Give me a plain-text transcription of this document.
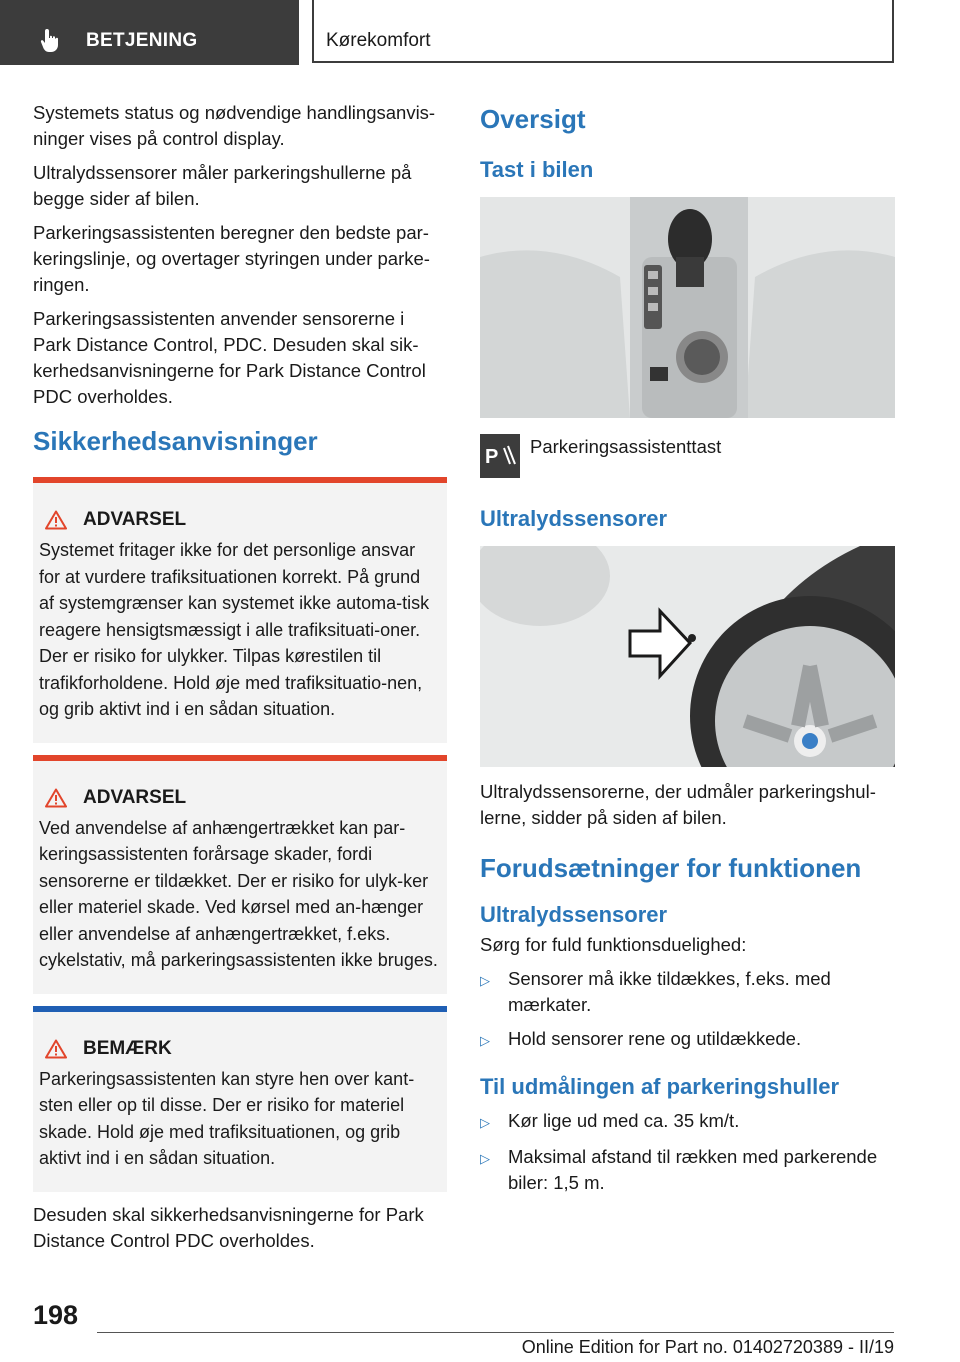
BETJENING	Kørekomfort

Systemets status og nødvendige handlingsanvis-ninger vises på control display.

Ultralydssensorer måler parkeringshullerne på begge sider af bilen.

Parkeringsassistenten beregner den bedste par-keringslinje, og overtager styringen under parke-ringen.

Parkeringsassistenten anvender sensorerne i Park Distance Control, PDC. Desuden skal sik-kerhedsanvisningerne for Park Distance Control PDC overholdes.

Sikkerhedsanvisninger
ADVARSEL
Systemet fritager ikke for det personlige ansvar for at vurdere trafiksituationen korrekt. På grund af systemgrænser kan systemet ikke automa-tisk reagere hensigtsmæssigt i alle trafiksituati-oner. Der er risiko for ulykker. Tilpas kørestilen til trafikforholdene. Hold øje med trafiksituatio-nen, og grib aktivt ind i en sådan situation.
ADVARSEL
Ved anvendelse af anhængertrækket kan par-keringsassistenten forårsage skader, fordi sensorerne er tildækket. Der er risiko for ulyk-ker eller materiel skade. Ved kørsel med an-hænger eller anvendelse af anhængertrækket, f.eks. cykelstativ, må parkeringsassistenten ikke bruges.
BEMÆRK
Parkeringsassistenten kan styre hen over kant-sten eller op til disse. Der er risiko for materiel skade. Hold øje med trafiksituationen, og grib aktivt ind i en sådan situation.

Desuden skal sikkerhedsanvisningerne for Park Distance Control PDC overholdes.

Oversigt
Tast i bilen
P Parkeringsassistenttast
Ultralydssensorer

Ultralydssensorerne, der udmåler parkeringshul-lerne, sidder på siden af bilen.

Forudsætninger for funktionen
Ultralydssensorer

Sørg for fuld funktionsduelighed:

▷ Sensorer må ikke tildækkes, f.eks. med mærkater.
▷ Hold sensorer rene og utildækkede.
Til udmålingen af parkeringshuller
▷ Kør lige ud med ca. 35 km/t.
▷ Maksimal afstand til rækken med parkerende biler: 1,5 m.
198
Online Edition for Part no. 01402720389 - II/19
